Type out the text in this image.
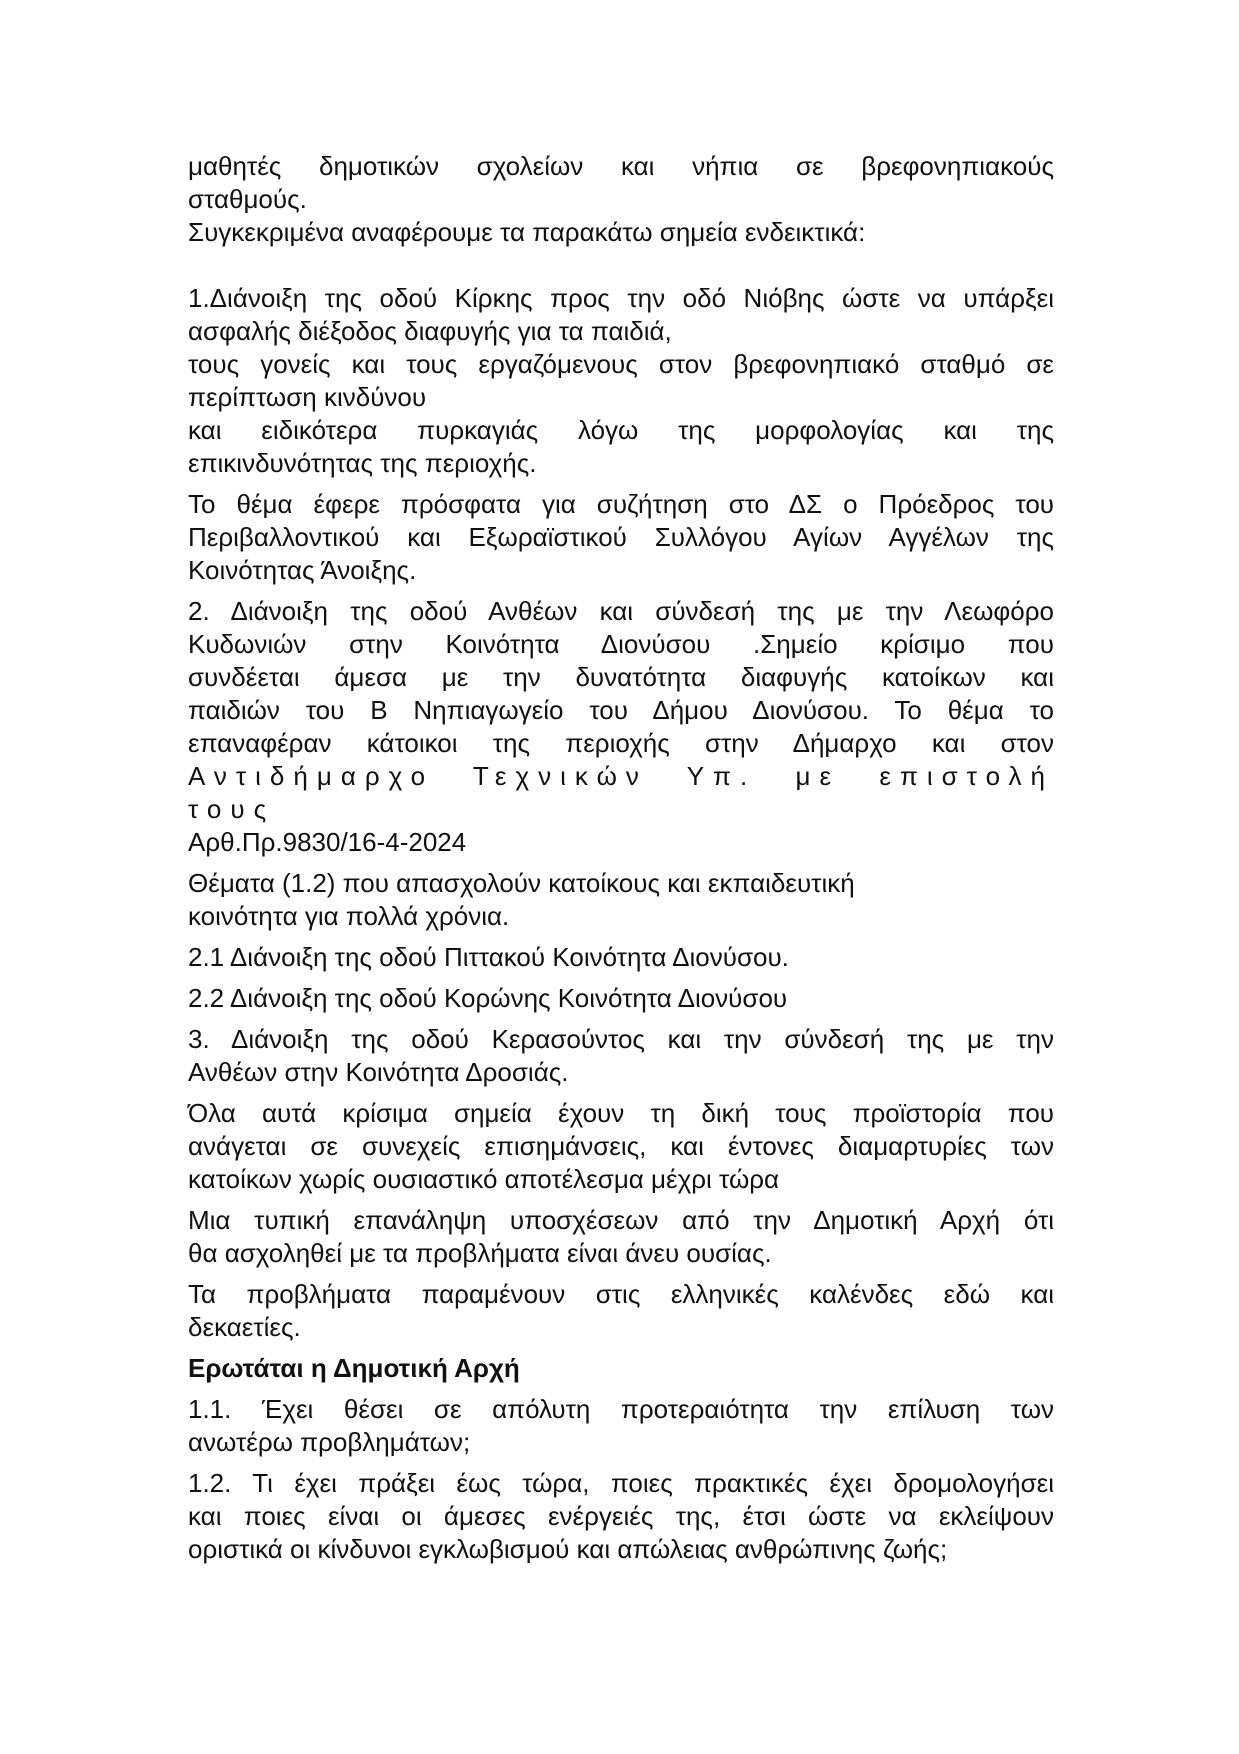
μαθητές δημοτικών σχολείων και νήπια σε βρεφονηπιακούς
σταθμούς.

Συγκεκριμένα αναφέρουμε τα παρακάτω σημεία ενδεικτικά:

1.Διάνοιξη της οδού Κίρκης προς την οδό Νιόβης ώστε να υπάρξει
ασφαλής διέξοδος διαφυγής για τα παιδιά,
τους γονείς και τους εργαζόμενους στον βρεφονηπιακό σταθμό σε
περίπτωση κινδύνου
και ειδικότερα πυρκαγιάς λόγω της μορφολογίας και της
επικινδυνότητας της περιοχής.

Το θέμα έφερε πρόσφατα για συζήτηση στο ΔΣ ο Πρόεδρος του
Περιβαλλοντικού και Εξωραϊστικού Συλλόγου Αγίων Αγγέλων της
Κοινότητας Άνοιξης.

2. Διάνοιξη της οδού Ανθέων και σύνδεσή της με την Λεωφόρο
Κυδωνιών στην Κοινότητα Διονύσου .Σημείο κρίσιμο που
συνδέεται άμεσα με την δυνατότητα διαφυγής κατοίκων και
παιδιών του Β Νηπιαγωγείο του Δήμου Διονύσου. Το θέμα το
επαναφέραν κάτοικοι της περιοχής στην Δήμαρχο και στον
Αντιδήμαρχο Τεχνικών Υπ. με επιστολή τους
Αρθ.Πρ.9830/16-4-2024

Θέματα (1.2) που απασχολούν κατοίκους και εκπαιδευτική
κοινότητα για πολλά χρόνια.

2.1 Διάνοιξη της οδού Πιττακού Κοινότητα Διονύσου.

2.2 Διάνοιξη της οδού Κορώνης Κοινότητα Διονύσου

3. Διάνοιξη της οδού Κερασούντος και την σύνδεσή της με την
Ανθέων στην Κοινότητα Δροσιάς.

Όλα αυτά κρίσιμα σημεία έχουν τη δική τους προϊστορία που
ανάγεται σε συνεχείς επισημάνσεις, και έντονες διαμαρτυρίες των
κατοίκων χωρίς ουσιαστικό αποτέλεσμα μέχρι τώρα

Μια τυπική επανάληψη υποσχέσεων από την Δημοτική Αρχή ότι
θα ασχοληθεί με τα προβλήματα είναι άνευ ουσίας.

Τα προβλήματα παραμένουν στις ελληνικές καλένδες εδώ και
δεκαετίες.

Ερωτάται η Δημοτική Αρχή

1.1. Έχει θέσει σε απόλυτη προτεραιότητα την επίλυση των
ανωτέρω προβλημάτων;

1.2. Τι έχει πράξει έως τώρα, ποιες πρακτικές έχει δρομολογήσει
και ποιες είναι οι άμεσες ενέργειές της, έτσι ώστε να εκλείψουν
οριστικά οι κίνδυνοι εγκλωβισμού και απώλειας ανθρώπινης ζωής;
